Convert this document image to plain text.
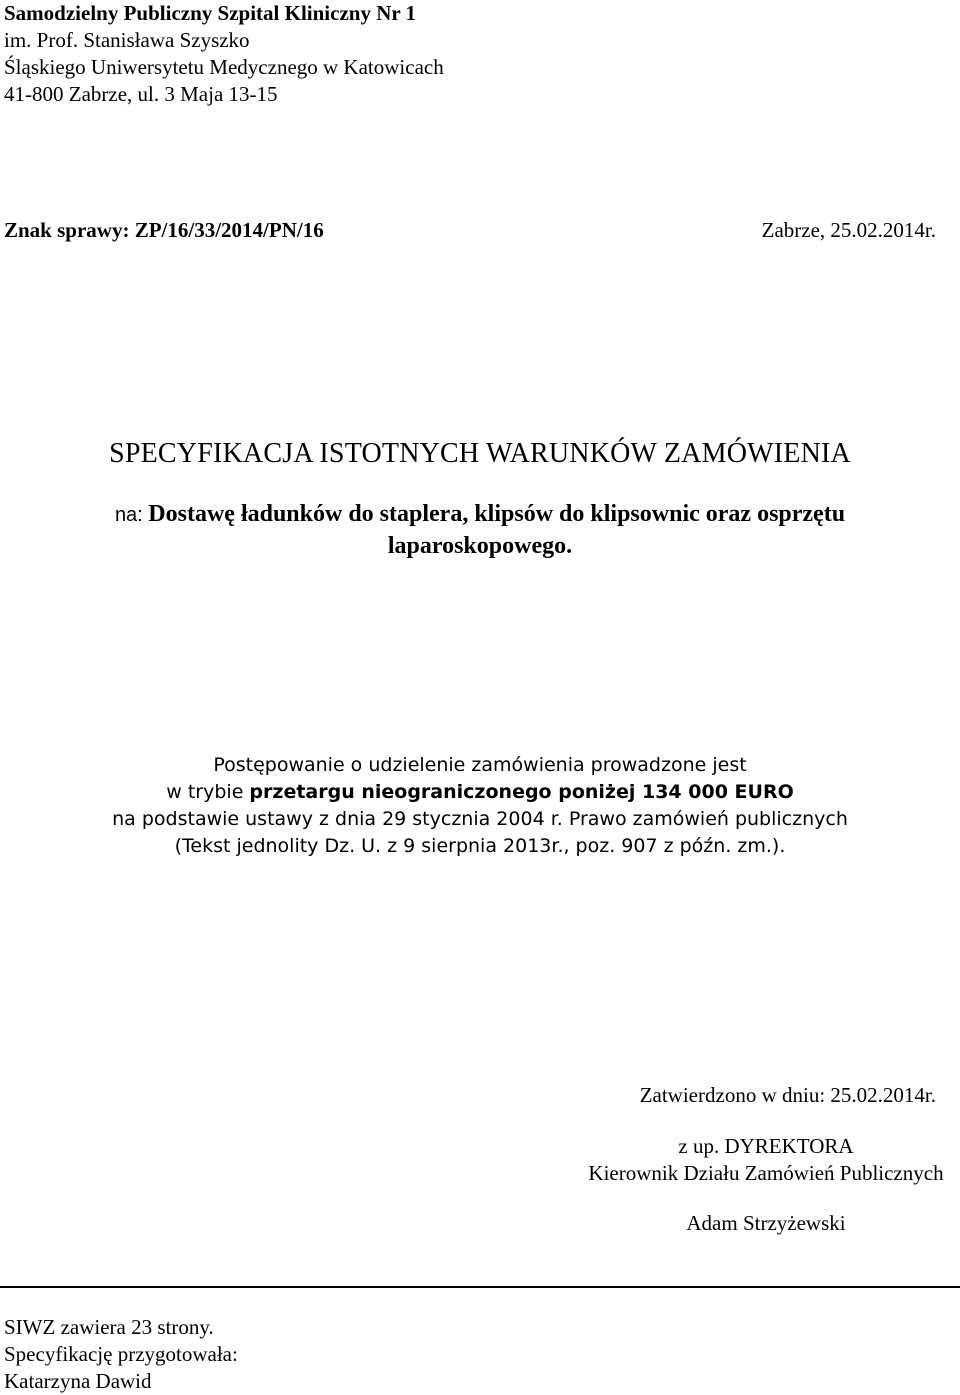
Samodzielny Publiczny Szpital Kliniczny Nr 1
im. Prof. Stanisława Szyszko
Śląskiego Uniwersytetu Medycznego w Katowicach
41-800 Zabrze, ul. 3 Maja 13-15
Znak sprawy: ZP/16/33/2014/PN/16	Zabrze, 25.02.2014r.
SPECYFIKACJA ISTOTNYCH WARUNKÓW ZAMÓWIENIA
na: Dostawę ładunków do staplera, klipsów do klipsownic oraz osprzętu laparoskopowego.
Postępowanie o udzielenie zamówienia prowadzone jest
w trybie przetargu nieograniczonego poniżej 134 000 EURO
na podstawie ustawy z dnia 29 stycznia 2004 r. Prawo zamówień publicznych
(Tekst jednolity Dz. U. z 9 sierpnia 2013r., poz. 907 z późn. zm.).
Zatwierdzono w dniu: 25.02.2014r.
z up. DYREKTORA
Kierownik Działu Zamówień Publicznych
Adam Strzyżewski
SIWZ zawiera 23 strony.
Specyfikację przygotowała:
Katarzyna Dawid
